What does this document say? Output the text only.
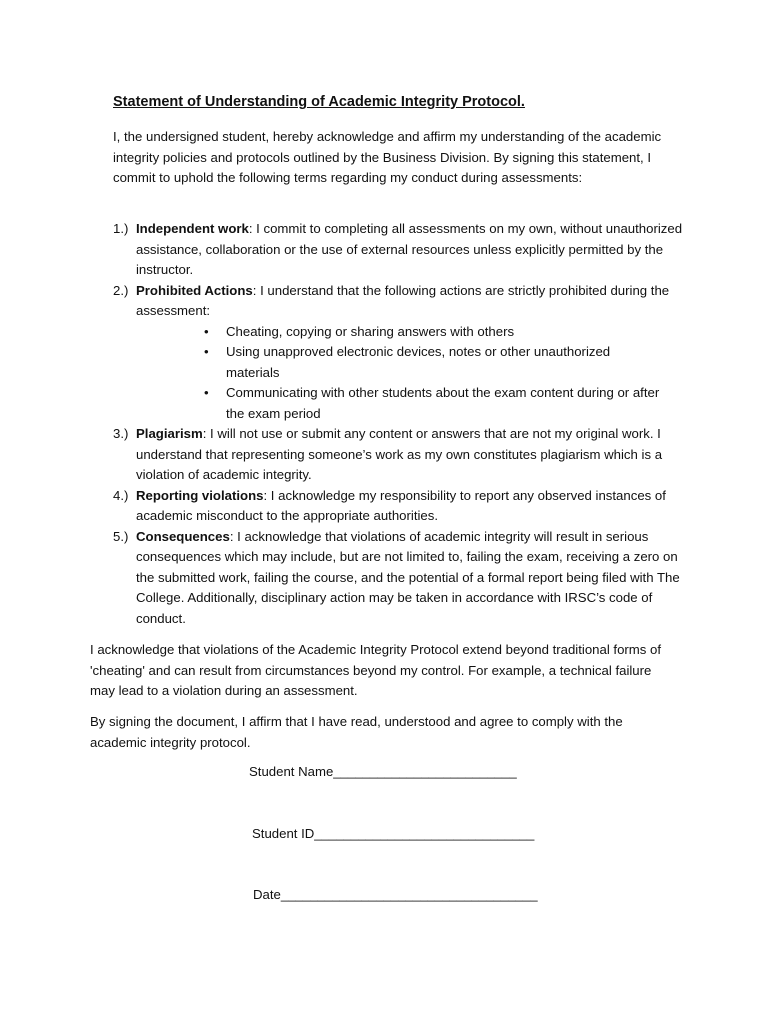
Statement of Understanding of Academic Integrity Protocol.

I, the undersigned student, hereby acknowledge and affirm my understanding of the academic integrity policies and protocols outlined by the Business Division. By signing this statement, I commit to uphold the following terms regarding my conduct during assessments:

1.) Independent work: I commit to completing all assessments on my own, without unauthorized assistance, collaboration or the use of external resources unless explicitly permitted by the instructor.
2.) Prohibited Actions: I understand that the following actions are strictly prohibited during the assessment:
• Cheating, copying or sharing answers with others
• Using unapproved electronic devices, notes or other unauthorized materials
• Communicating with other students about the exam content during or after the exam period
3.) Plagiarism: I will not use or submit any content or answers that are not my original work. I understand that representing someone’s work as my own constitutes plagiarism which is a violation of academic integrity.
4.) Reporting violations: I acknowledge my responsibility to report any observed instances of academic misconduct to the appropriate authorities.
5.) Consequences: I acknowledge that violations of academic integrity will result in serious consequences which may include, but are not limited to, failing the exam, receiving a zero on the submitted work, failing the course, and the potential of a formal report being filed with The College. Additionally, disciplinary action may be taken in accordance with IRSC’s code of conduct.

I acknowledge that violations of the Academic Integrity Protocol extend beyond traditional forms of 'cheating' and can result from circumstances beyond my control. For example, a technical failure may lead to a violation during an assessment.

By signing the document, I affirm that I have read, understood and agree to comply with the academic integrity protocol.

Student Name_________________________
Student ID______________________________
Date___________________________________
